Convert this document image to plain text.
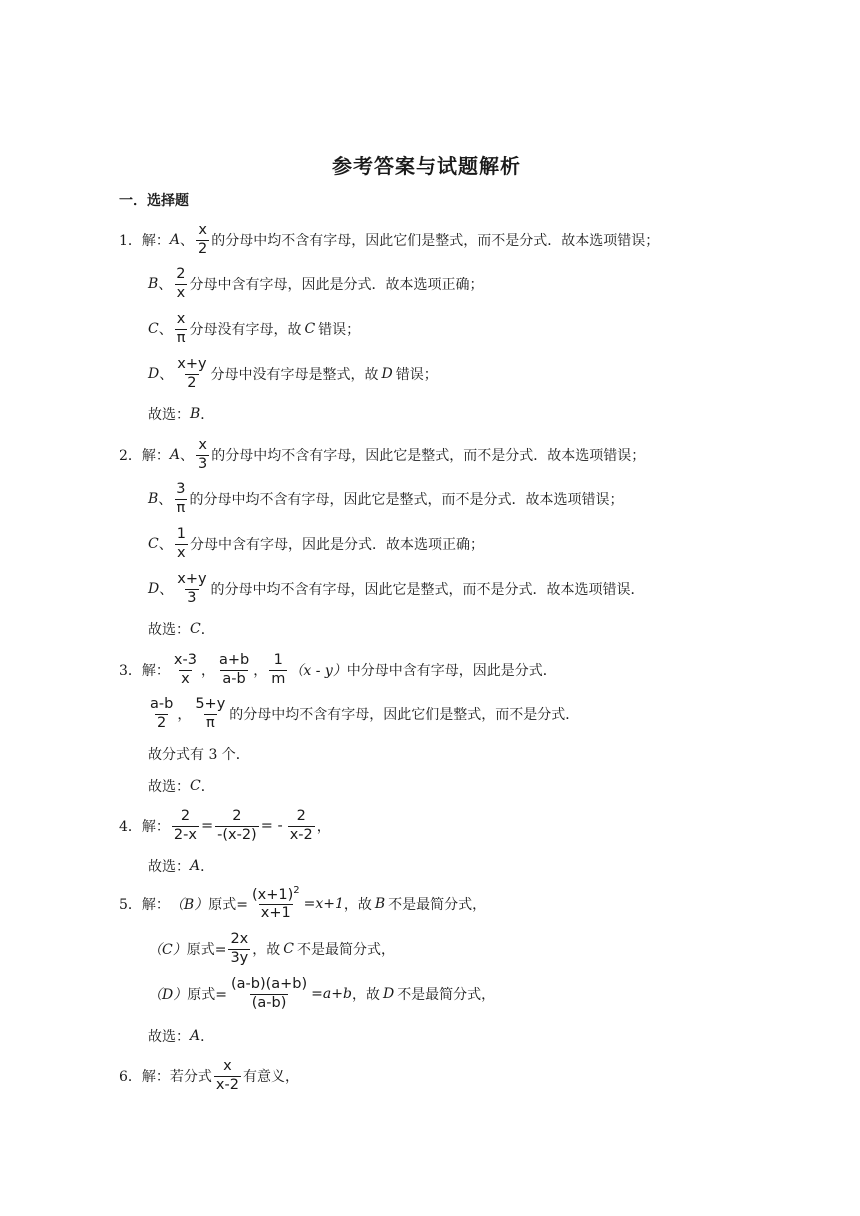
参考答案与试题解析
一．选择题
1．解： A 、 $\frac{x}{2}$ 的分母中均不含有字母，因此它们是整式，而不是分式．故本选项错误；
B 、 $\frac{2}{x}$ 分母中含有字母，因此是分式．故本选项正确；
C 、 $\frac{x}{\pi}$ 分母没有字母，故 C 错误；
D 、 $\frac{x+y}{2}$ 分母中没有字母是整式，故 D 错误；
故选： B ．
2．解： A 、 $\frac{x}{3}$ 的分母中均不含有字母，因此它是整式，而不是分式．故本选项错误；
B 、 $\frac{3}{\pi}$ 的分母中均不含有字母，因此它是整式，而不是分式．故本选项错误；
C 、 $\frac{1}{x}$ 分母中含有字母，因此是分式．故本选项正确；
D 、 $\frac{x+y}{3}$ 的分母中均不含有字母，因此它是整式，而不是分式．故本选项错误．
故选： C ．
3．解： $\frac{x-3}{x}$ ， $\frac{a+b}{a-b}$ ， $\frac{1}{m} (x - y)$ 中分母中含有字母，因此是分式．
$\frac{a-b}{2}$ ， $\frac{5+y}{\pi}$ 的分母中均不含有字母，因此它们是整式，而不是分式．
故分式有 3 个．
故选： C ．
4．解： $\frac{2}{2-x} = \frac{2}{-(x-2)}$ = - $\frac{2}{x-2}$ ，
故选： A ．
5．解： （B） 原式= $\frac{(x+1)^2}{x+1} =x+1$ ，故 B 不是最简分式，
（C） 原式= $\frac{2x}{3y}$ ，故 C 不是最简分式，
（D） 原式= $\frac{(a-b)(a+b)}{(a-b)} =a+b$ ，故 D 不是最简分式，
故选： A ．
6．解： 若分式 $\frac{x}{x-2}$ 有意义，
